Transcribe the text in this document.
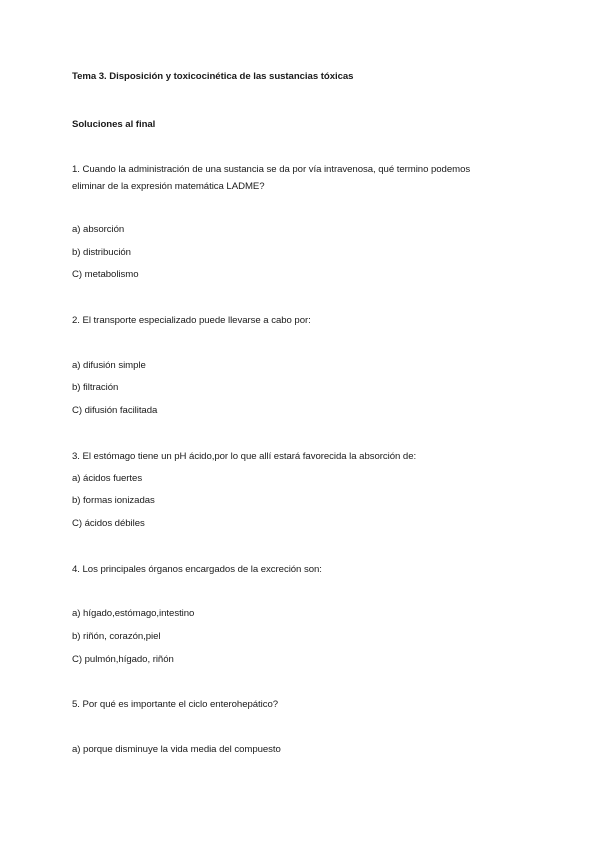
Tema 3. Disposición y toxicocinética de las sustancias tóxicas
Soluciones al final
1. Cuando la administración de una sustancia se da por vía intravenosa, qué termino podemos
eliminar de la expresión matemática LADME?
a) absorción
b) distribución
C) metabolismo
2. El transporte especializado puede llevarse a cabo por:
a) difusión simple
b) filtración
C) difusión facilitada
3. El estómago tiene un pH ácido,por lo que allí estará favorecida la absorción de:
a) ácidos fuertes
b) formas ionizadas
C) ácidos débiles
4. Los principales órganos encargados de la excreción son:
a) hígado,estómago,intestino
b) riñón, corazón,piel
C) pulmón,hígado, riñón
5. Por qué es importante el ciclo enterohepático?
a) porque disminuye la vida media del compuesto
